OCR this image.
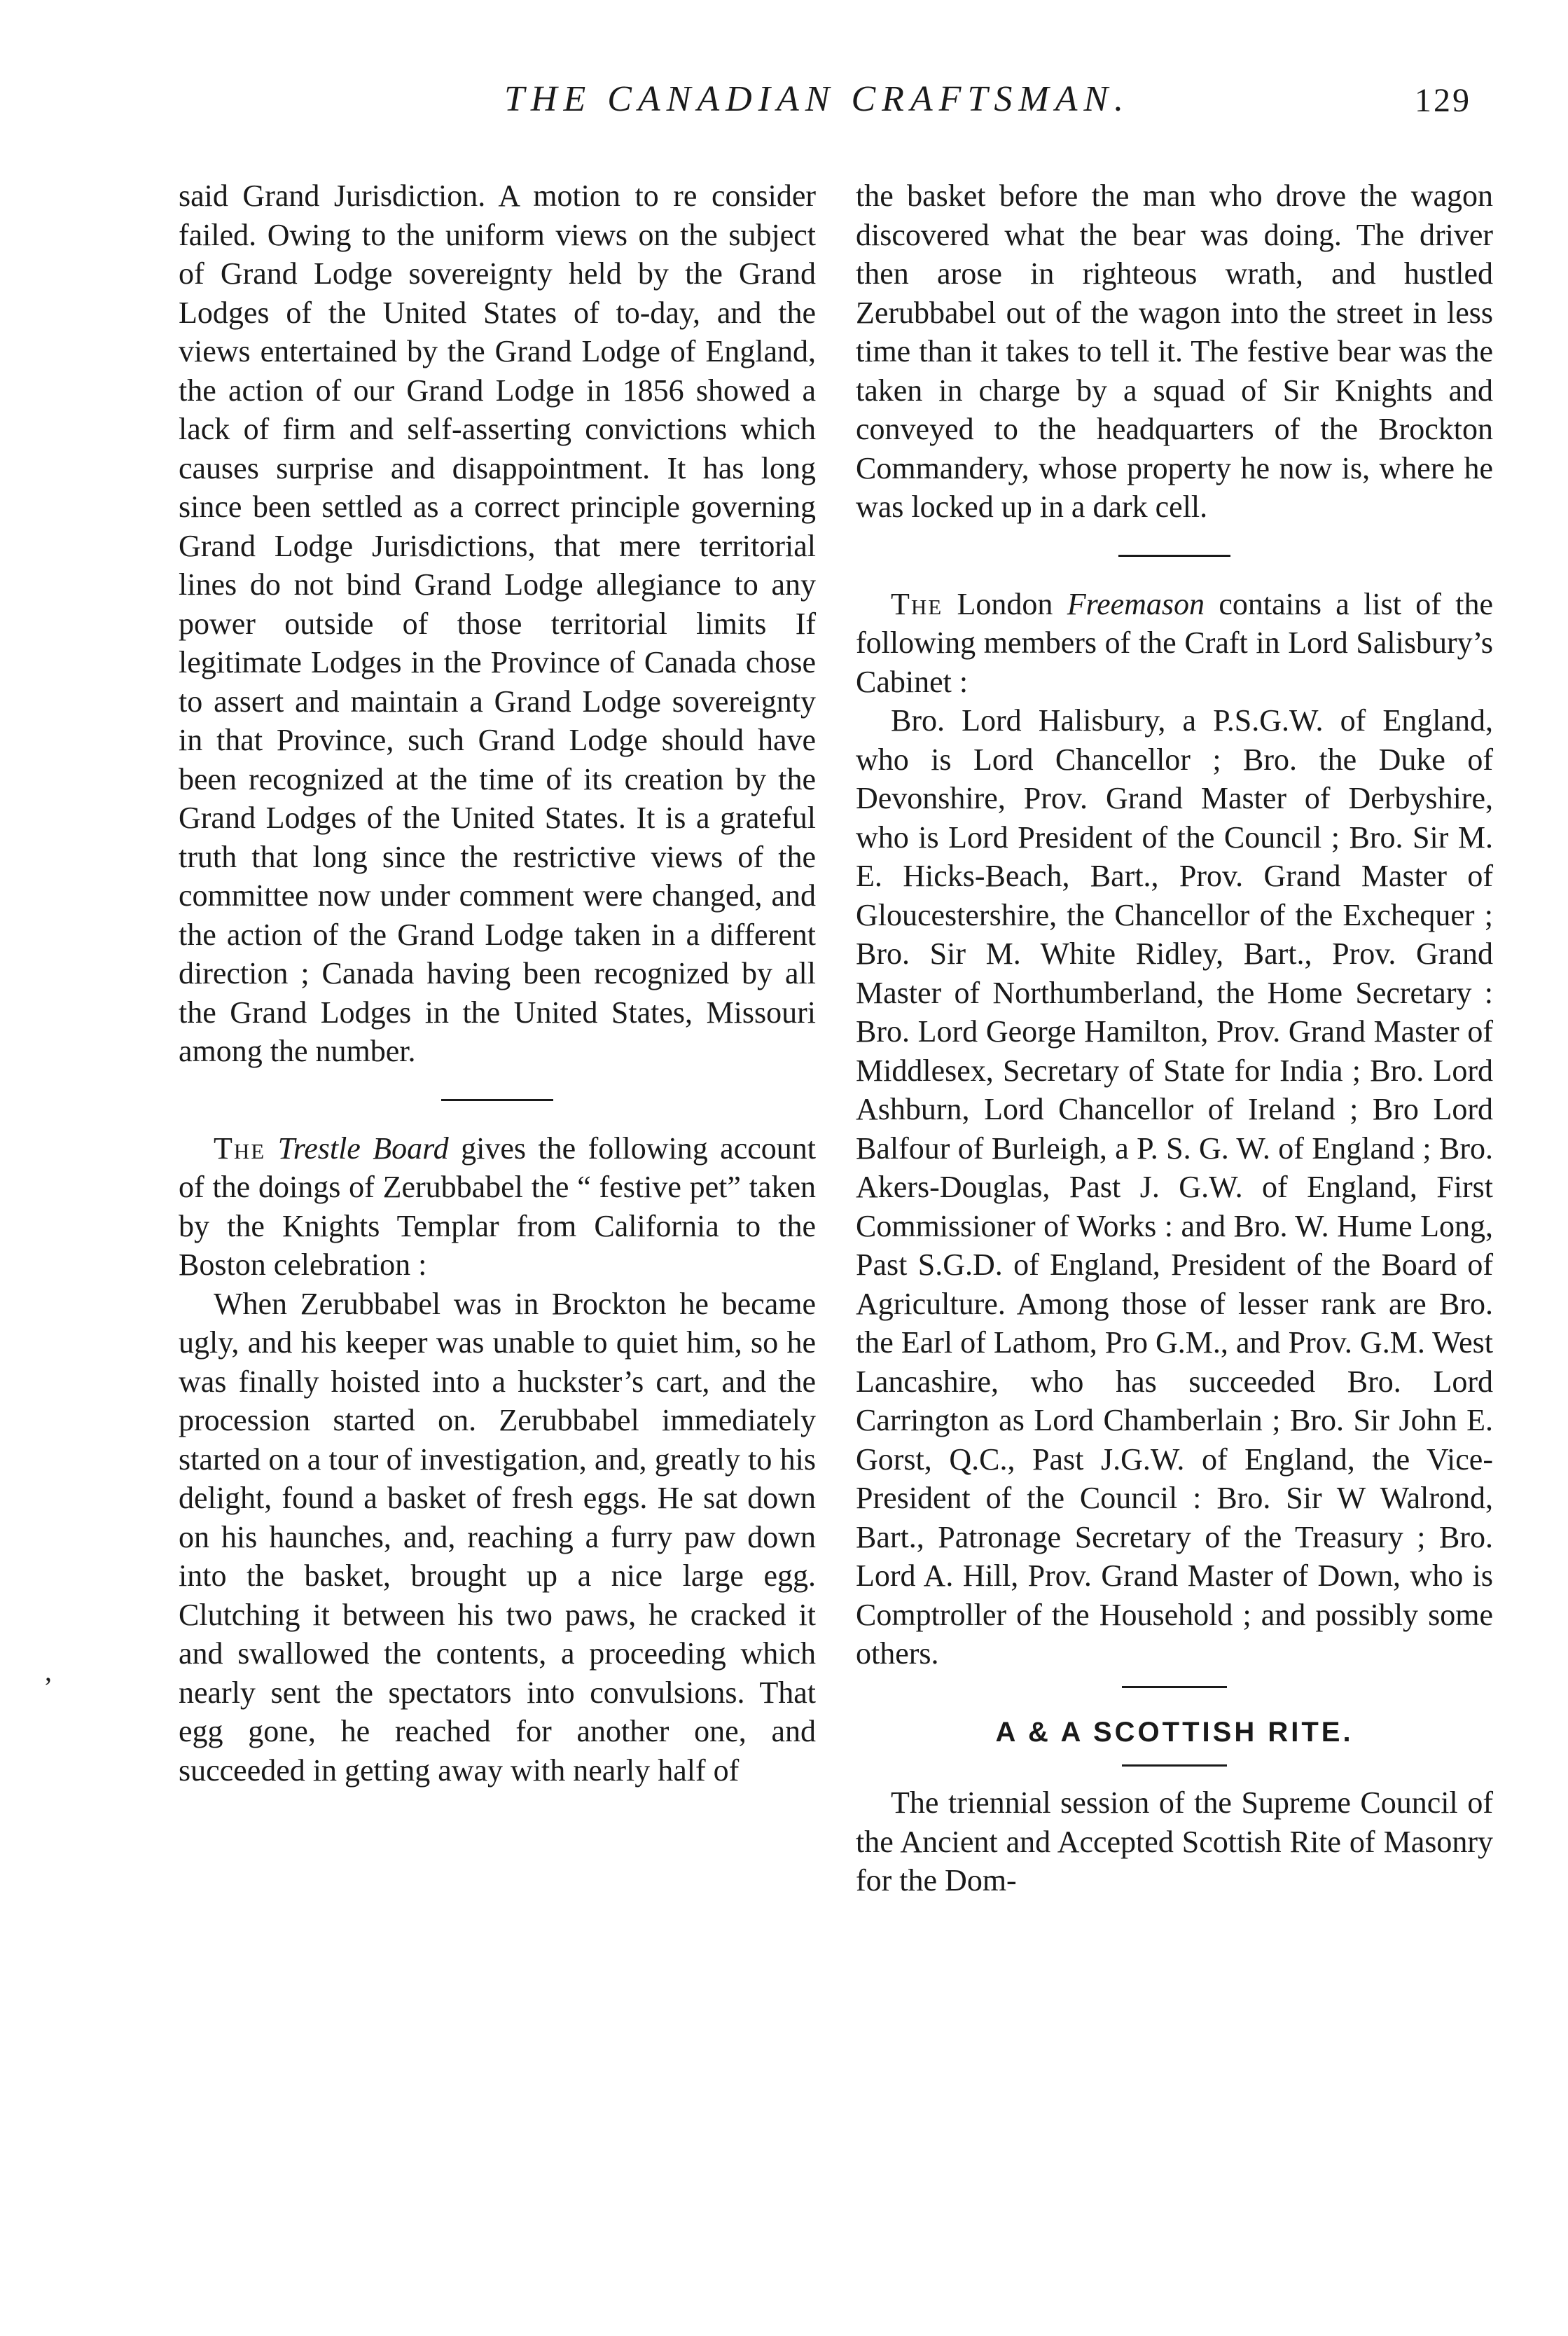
THE CANADIAN CRAFTSMAN.	129
’

said Grand Jurisdiction. A motion to re consider failed. Owing to the uniform views on the subject of Grand Lodge sovereignty held by the Grand Lodges of the United States of to-day, and the views entertained by the Grand Lodge of England, the action of our Grand Lodge in 1856 showed a lack of firm and self-asserting convictions which causes surprise and disappointment. It has long since been settled as a correct principle governing Grand Lodge Jurisdictions, that mere territorial lines do not bind Grand Lodge allegiance to any power outside of those territorial limits If legitimate Lodges in the Province of Canada chose to assert and maintain a Grand Lodge sovereignty in that Province, such Grand Lodge should have been recognized at the time of its creation by the Grand Lodges of the United States. It is a grateful truth that long since the restrictive views of the committee now under comment were changed, and the action of the Grand Lodge taken in a different direction ; Canada having been recognized by all the Grand Lodges in the United States, Missouri among the number.

The Trestle Board gives the following account of the doings of Zerubbabel the “ festive pet” taken by the Knights Templar from California to the Boston celebration :

When Zerubbabel was in Brockton he became ugly, and his keeper was unable to quiet him, so he was finally hoisted into a huckster’s cart, and the procession started on. Zerubbabel immediately started on a tour of investigation, and, greatly to his delight, found a basket of fresh eggs. He sat down on his haunches, and, reaching a furry paw down into the basket, brought up a nice large egg. Clutching it between his two paws, he cracked it and swallowed the contents, a proceeding which nearly sent the spectators into convulsions. That egg gone, he reached for another one, and succeeded in getting away with nearly half of

the basket before the man who drove the wagon discovered what the bear was doing. The driver then arose in righteous wrath, and hustled Zerubbabel out of the wagon into the street in less time than it takes to tell it. The festive bear was the taken in charge by a squad of Sir Knights and conveyed to the headquarters of the Brockton Commandery, whose property he now is, where he was locked up in a dark cell.

The London Freemason contains a list of the following members of the Craft in Lord Salisbury’s Cabinet :

Bro. Lord Halisbury, a P.S.G.W. of England, who is Lord Chancellor ; Bro. the Duke of Devonshire, Prov. Grand Master of Derbyshire, who is Lord President of the Council ; Bro. Sir M. E. Hicks-Beach, Bart., Prov. Grand Master of Gloucestershire, the Chancellor of the Exchequer ; Bro. Sir M. White Ridley, Bart., Prov. Grand Master of Northumberland, the Home Secretary : Bro. Lord George Hamilton, Prov. Grand Master of Middlesex, Secretary of State for India ; Bro. Lord Ashburn, Lord Chancellor of Ireland ; Bro Lord Balfour of Burleigh, a P. S. G. W. of England ; Bro. Akers-Douglas, Past J. G.W. of England, First Commissioner of Works : and Bro. W. Hume Long, Past S.G.D. of England, President of the Board of Agriculture. Among those of lesser rank are Bro. the Earl of Lathom, Pro G.M., and Prov. G.M. West Lancashire, who has succeeded Bro. Lord Carrington as Lord Chamberlain ; Bro. Sir John E. Gorst, Q.C., Past J.G.W. of England, the Vice-President of the Council : Bro. Sir W Walrond, Bart., Patronage Secretary of the Treasury ; Bro. Lord A. Hill, Prov. Grand Master of Down, who is Comptroller of the Household ; and possibly some others.

A & A SCOTTISH RITE.

The triennial session of the Supreme Council of the Ancient and Accepted Scottish Rite of Masonry for the Dom-
